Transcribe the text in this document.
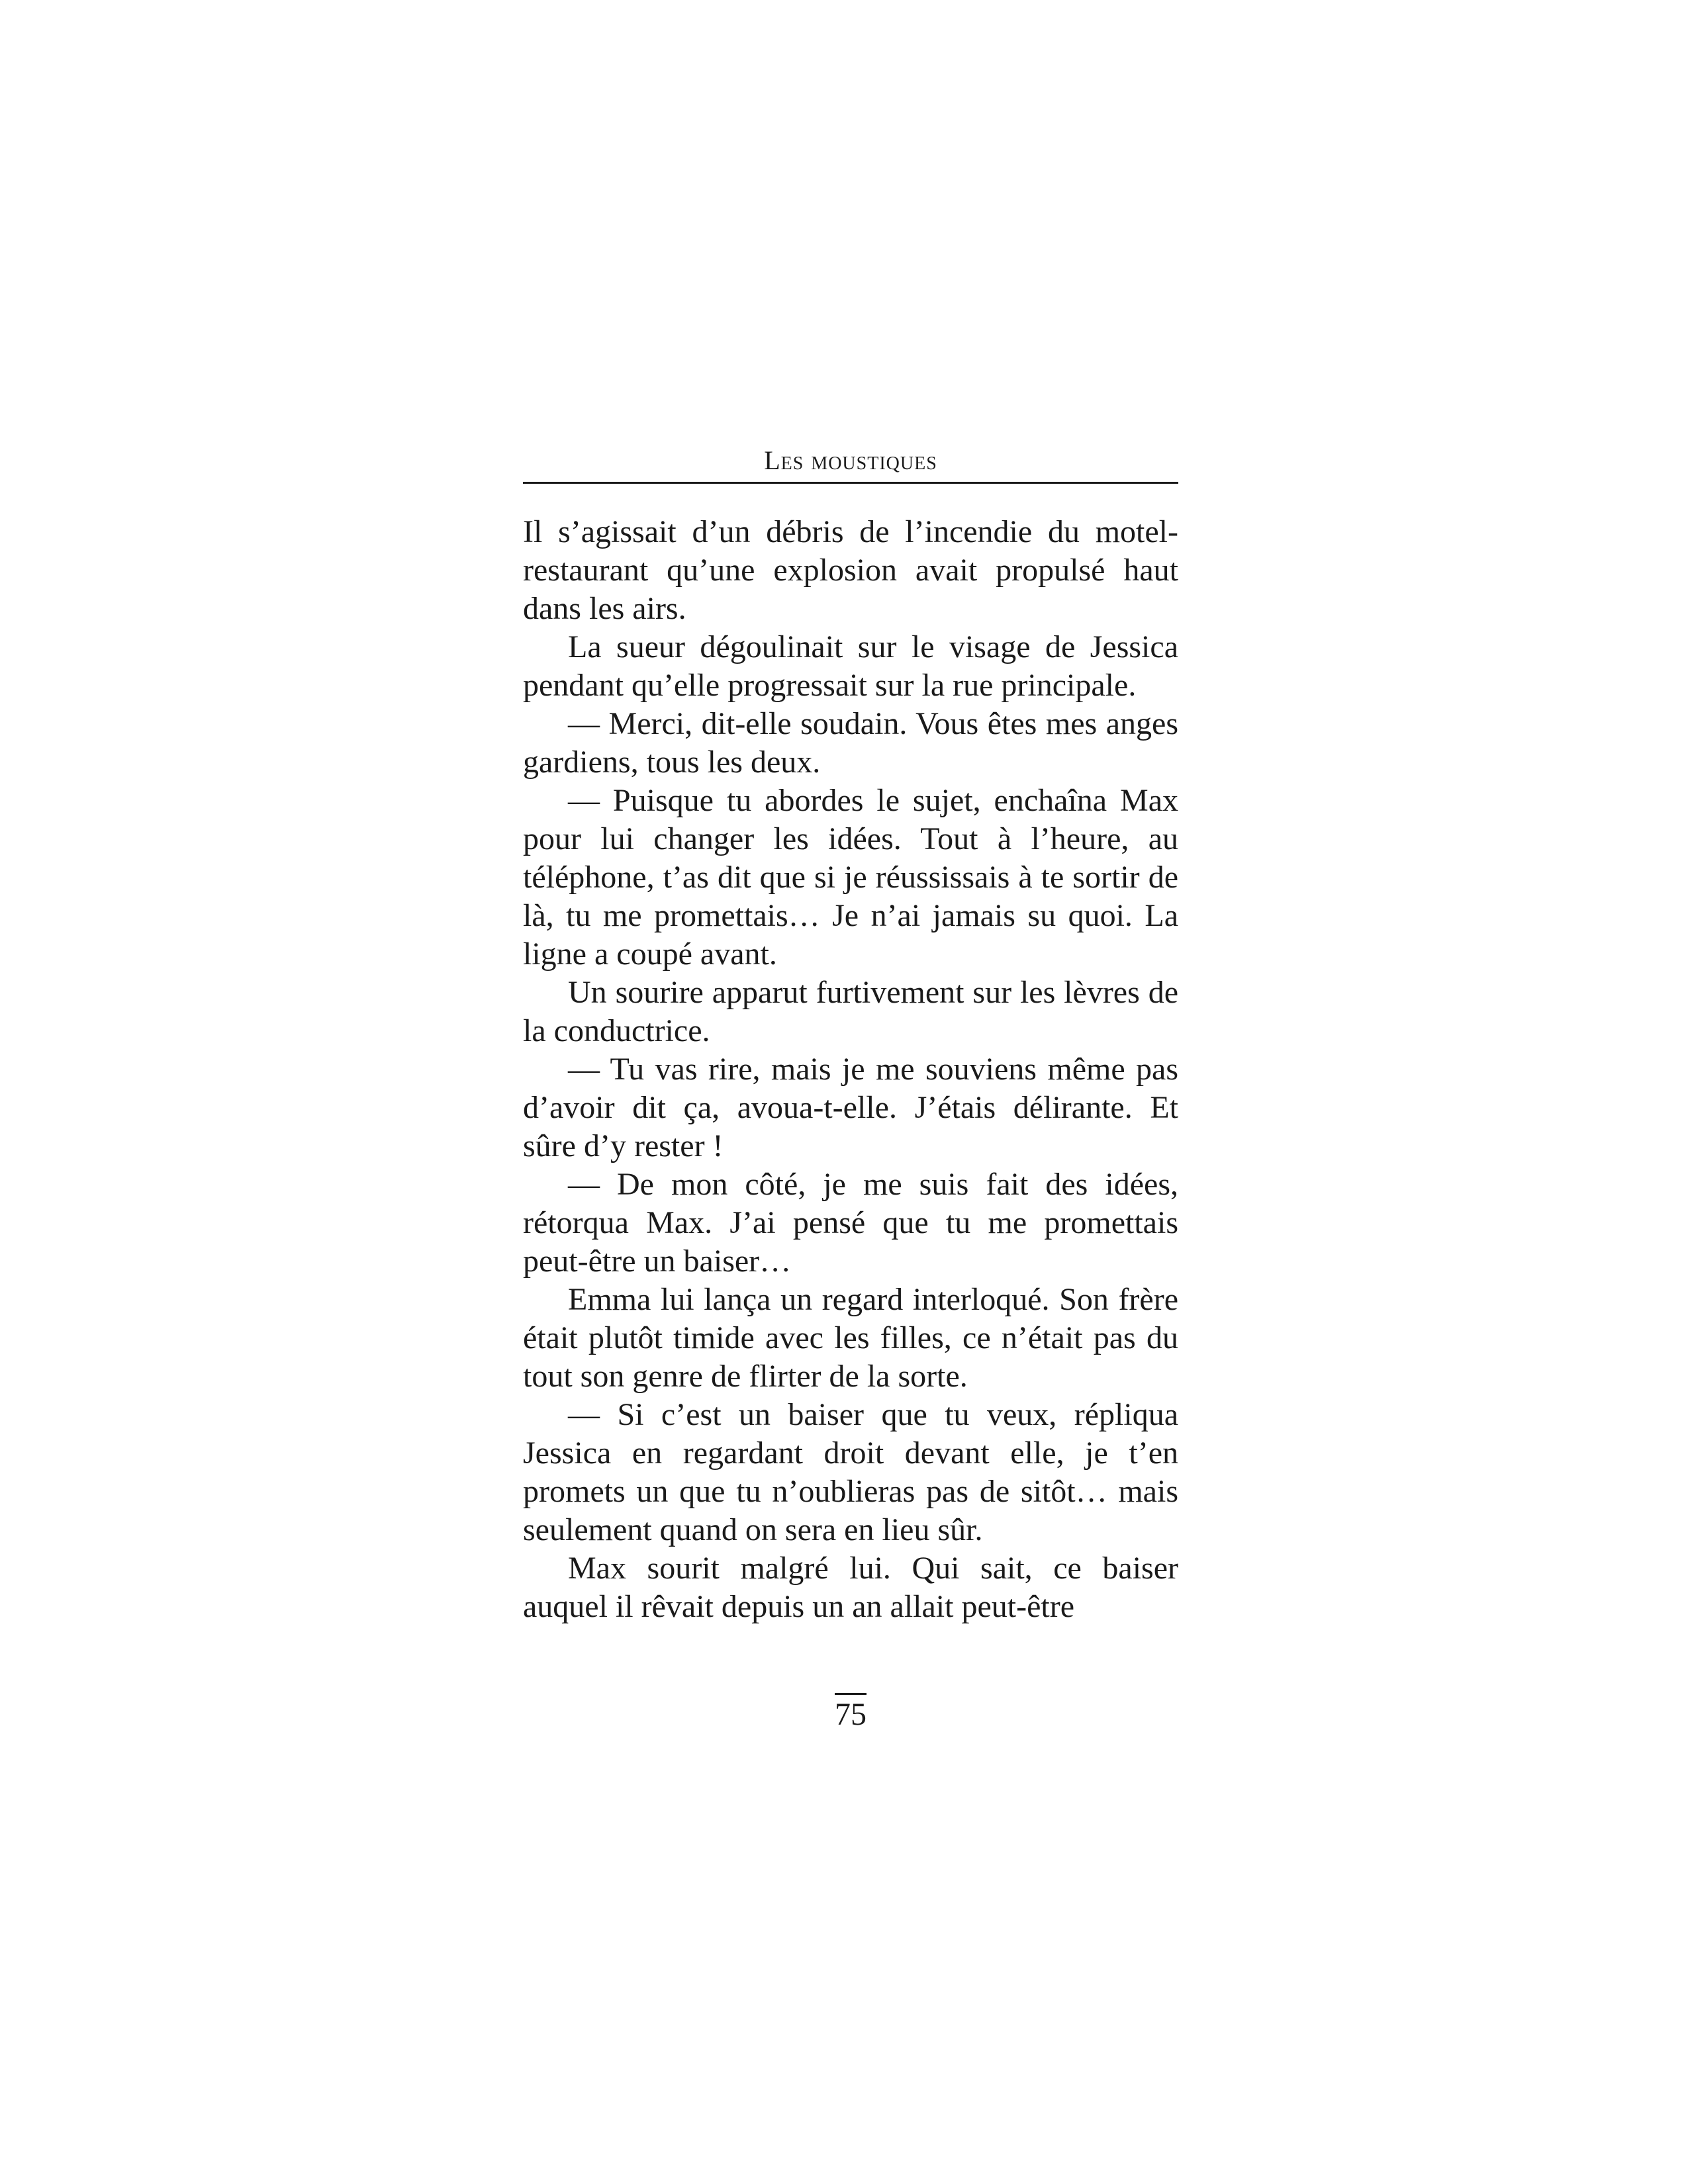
Les moustiques

Il s’agissait d’un débris de l’incendie du motel-restaurant qu’une explosion avait propulsé haut dans les airs.

La sueur dégoulinait sur le visage de Jessica pendant qu’elle progressait sur la rue principale.

— Merci, dit-elle soudain. Vous êtes mes anges gardiens, tous les deux.

— Puisque tu abordes le sujet, enchaîna Max pour lui changer les idées. Tout à l’heure, au téléphone, t’as dit que si je réussissais à te sortir de là, tu me promettais… Je n’ai jamais su quoi. La ligne a coupé avant.

Un sourire apparut furtivement sur les lèvres de la conductrice.

— Tu vas rire, mais je me souviens même pas d’avoir dit ça, avoua-t-elle. J’étais délirante. Et sûre d’y rester !

— De mon côté, je me suis fait des idées, rétorqua Max. J’ai pensé que tu me promettais peut-être un baiser…

Emma lui lança un regard interloqué. Son frère était plutôt timide avec les filles, ce n’était pas du tout son genre de flirter de la sorte.

— Si c’est un baiser que tu veux, répliqua Jessica en regardant droit devant elle, je t’en promets un que tu n’oublieras pas de sitôt… mais seulement quand on sera en lieu sûr.

Max sourit malgré lui. Qui sait, ce baiser auquel il rêvait depuis un an allait peut-être

75
